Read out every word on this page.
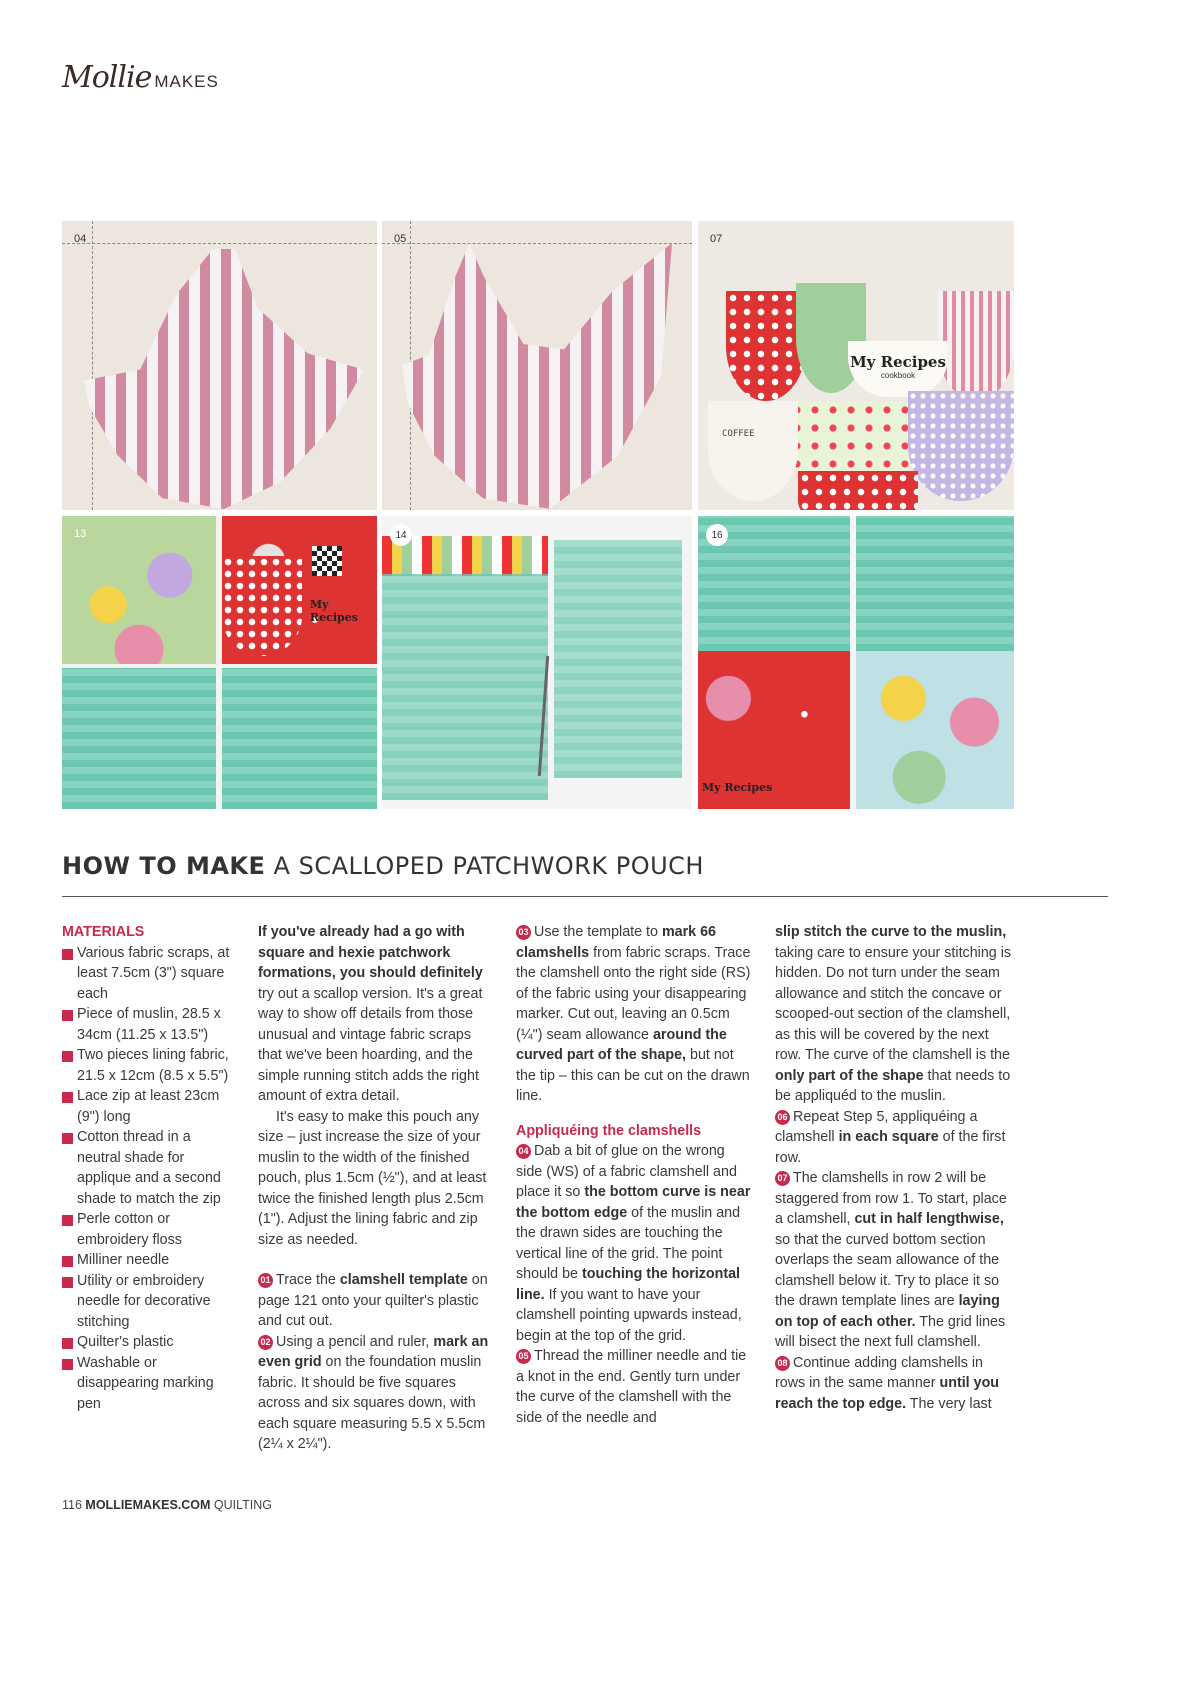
Mollie MAKES
04	05
My Recipes
cookbook
COFFEE
07
My Recipes
13	14
My Recipes
16
HOW TO MAKE A SCALLOPED PATCHWORK POUCH

MATERIALS

Various fabric scraps, at least 7.5cm (3") square each
Piece of muslin, 28.5 x 34cm (11.25 x 13.5")
Two pieces lining fabric, 21.5 x 12cm (8.5 x 5.5")
Lace zip at least 23cm (9") long
Cotton thread in a neutral shade for applique and a second shade to match the zip
Perle cotton or embroidery floss
Milliner needle
Utility or embroidery needle for decorative stitching
Quilter's plastic
Washable or disappearing marking pen

If you've already had a go with square and hexie patchwork formations, you should definitely try out a scallop version. It's a great way to show off details from those unusual and vintage fabric scraps that we've been hoarding, and the simple running stitch adds the right amount of extra detail.

It's easy to make this pouch any size – just increase the size of your muslin to the width of the finished pouch, plus 1.5cm (½"), and at least twice the finished length plus 2.5cm (1"). Adjust the lining fabric and zip size as needed.

01 Trace the clamshell template on page 121 onto your quilter's plastic and cut out.

02 Using a pencil and ruler, mark an even grid on the foundation muslin fabric. It should be five squares across and six squares down, with each square measuring 5.5 x 5.5cm (2¼ x 2¼").

03 Use the template to mark 66 clamshells from fabric scraps. Trace the clamshell onto the right side (RS) of the fabric using your disappearing marker. Cut out, leaving an 0.5cm (¼") seam allowance around the curved part of the shape, but not the tip – this can be cut on the drawn line.

Appliquéing the clamshells

04 Dab a bit of glue on the wrong side (WS) of a fabric clamshell and place it so the bottom curve is near the bottom edge of the muslin and the drawn sides are touching the vertical line of the grid. The point should be touching the horizontal line. If you want to have your clamshell pointing upwards instead, begin at the top of the grid.

05 Thread the milliner needle and tie a knot in the end. Gently turn under the curve of the clamshell with the side of the needle and

slip stitch the curve to the muslin, taking care to ensure your stitching is hidden. Do not turn under the seam allowance and stitch the concave or scooped-out section of the clamshell, as this will be covered by the next row. The curve of the clamshell is the only part of the shape that needs to be appliquéd to the muslin.

06 Repeat Step 5, appliquéing a clamshell in each square of the first row.

07 The clamshells in row 2 will be staggered from row 1. To start, place a clamshell, cut in half lengthwise, so that the curved bottom section overlaps the seam allowance of the clamshell below it. Try to place it so the drawn template lines are laying on top of each other. The grid lines will bisect the next full clamshell.

08 Continue adding clamshells in rows in the same manner until you reach the top edge. The very last

116 MOLLIEMAKES.COM QUILTING
